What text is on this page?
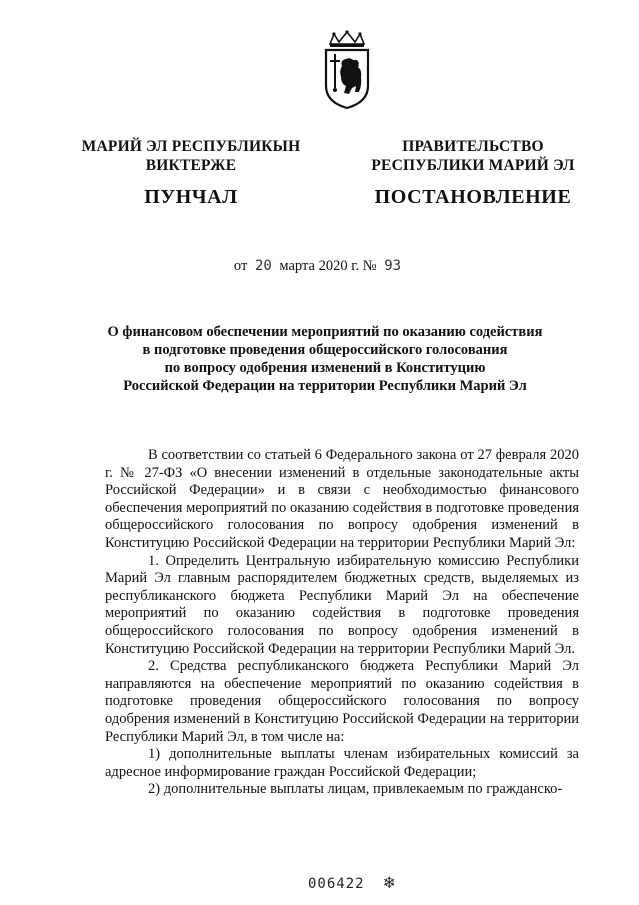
МАРИЙ ЭЛ РЕСПУБЛИКЫН
ВИКТЕРЖЕ
ПУНЧАЛ
ПРАВИТЕЛЬСТВО
РЕСПУБЛИКИ МАРИЙ ЭЛ
ПОСТАНОВЛЕНИЕ
от 20 марта 2020 г. № 93
О финансовом обеспечении мероприятий по оказанию содействия
в подготовке проведения общероссийского голосования
по вопросу одобрения изменений в Конституцию
Российской Федерации на территории Республики Марий Эл

В соответствии со статьей 6 Федерального закона от 27 февраля 2020 г. № 27-ФЗ «О внесении изменений в отдельные законодательные акты Российской Федерации» и в связи с необходимостью финансового обеспечения мероприятий по оказанию содействия в подготовке проведения общероссийского голосования по вопросу одобрения изменений в Конституцию Российской Федерации на территории Республики Марий Эл:

1. Определить Центральную избирательную комиссию Республики Марий Эл главным распорядителем бюджетных средств, выделяемых из республиканского бюджета Республики Марий Эл на обеспечение мероприятий по оказанию содействия в подготовке проведения общероссийского голосования по вопросу одобрения изменений в Конституцию Российской Федерации на территории Республики Марий Эл.

2. Средства республиканского бюджета Республики Марий Эл направляются на обеспечение мероприятий по оказанию содействия в подготовке проведения общероссийского голосования по вопросу одобрения изменений в Конституцию Российской Федерации на территории Республики Марий Эл, в том числе на:

1) дополнительные выплаты членам избирательных комиссий за адресное информирование граждан Российской Федерации;

2) дополнительные выплаты лицам, привлекаемым по гражданско-

006422 ❄
